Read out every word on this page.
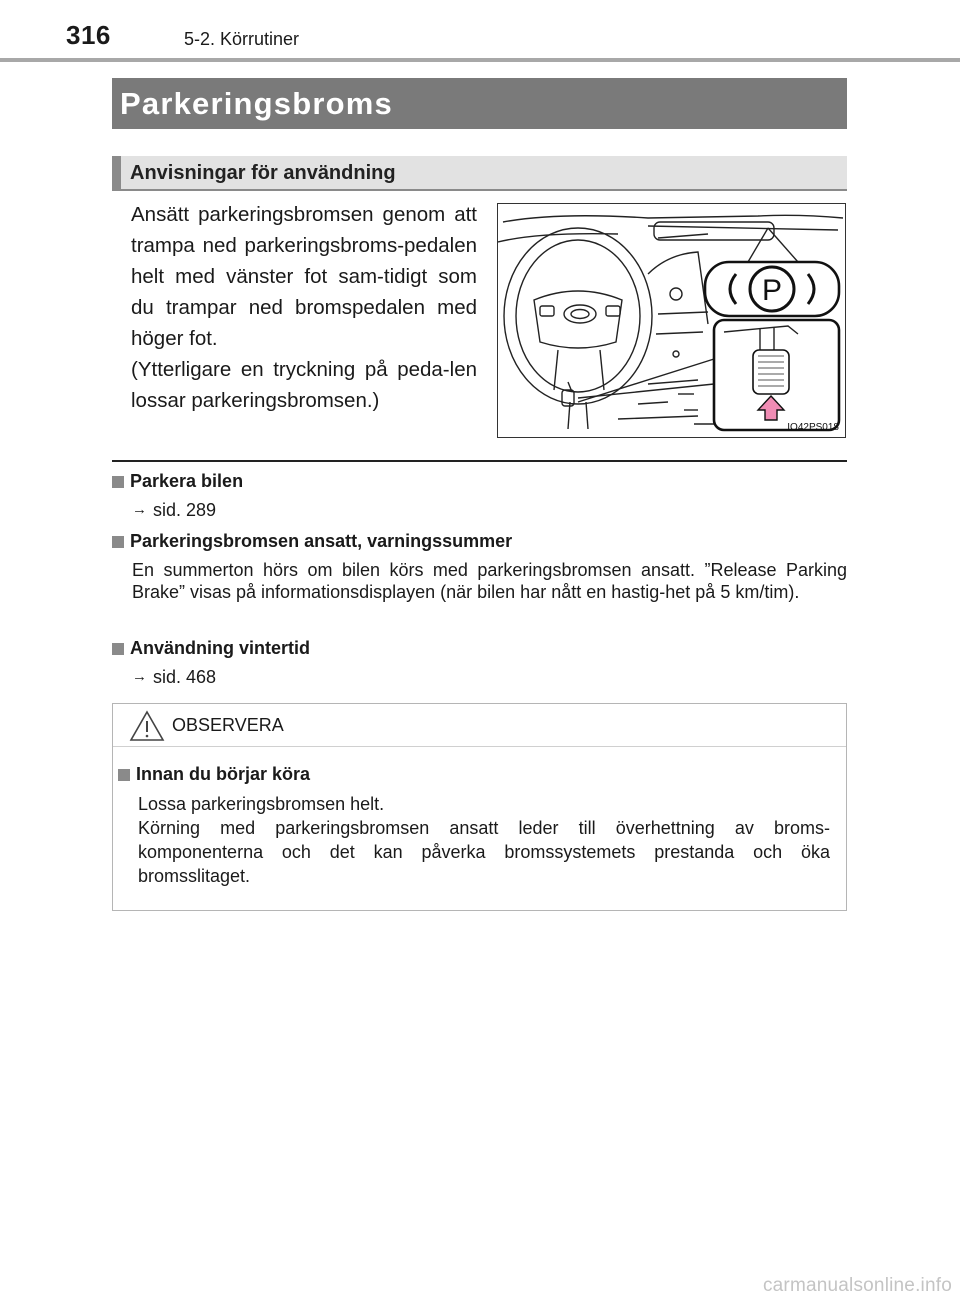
316	5-2. Körrutiner
Parkeringsbroms
Anvisningar för användning

Ansätt parkeringsbromsen genom att trampa ned parkeringsbroms-pedalen helt med vänster fot sam-tidigt som du trampar ned bromspedalen med höger fot.

(Ytterligare en tryckning på peda-len lossar parkeringsbromsen.)

P
IO42PS018
Parkera bilen
→ sid. 289
Parkeringsbromsen ansatt, varningssummer
En summerton hörs om bilen körs med parkeringsbromsen ansatt. ”Release Parking Brake” visas på informationsdisplayen (när bilen har nått en hastig-het på 5 km/tim).
Användning vintertid
→ sid. 468
OBSERVERA
Innan du börjar köra

Lossa parkeringsbromsen helt.

Körning med parkeringsbromsen ansatt leder till överhettning av broms-komponenterna och det kan påverka bromssystemets prestanda och öka bromsslitaget.

carmanualsonline.info
